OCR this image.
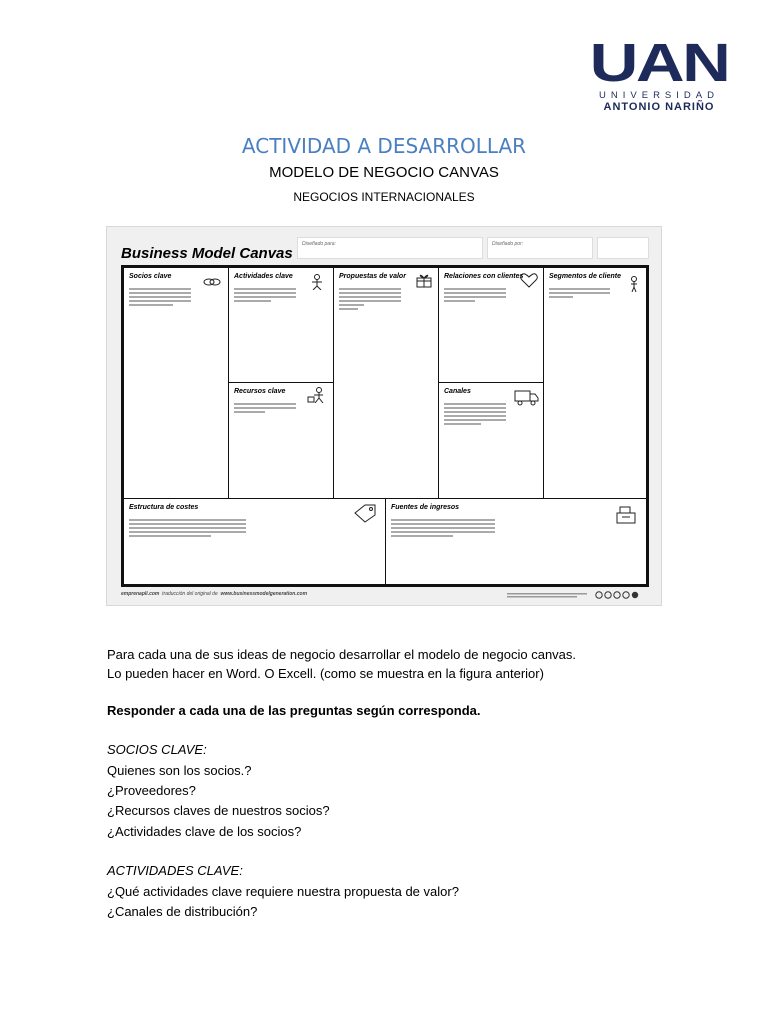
UAN
UNIVERSIDAD
ANTONIO NARIÑO
ACTIVIDAD A DESARROLLAR
MODELO DE NEGOCIO CANVAS
NEGOCIOS INTERNACIONALES
Business Model Canvas
Diseñado para:	Diseñado por:
Socios clave	Actividades clave
Recursos clave
Propuestas de valor	Relaciones con clientes
Canales
Segmentos de cliente
Estructura de costes	Fuentes de ingresos
emprenapli.com traducción del original de www.businessmodelgeneration.com
Para cada una de sus ideas de negocio desarrollar el modelo de negocio canvas.
Lo pueden hacer en Word. O Excell. (como se muestra en la figura anterior)
Responder a cada una de las preguntas según corresponda.
SOCIOS CLAVE:
Quienes son los socios.?
¿Proveedores?
¿Recursos claves de nuestros socios?
¿Actividades clave de los socios?
ACTIVIDADES CLAVE:
¿Qué actividades clave requiere nuestra propuesta de valor?
¿Canales de distribución?
